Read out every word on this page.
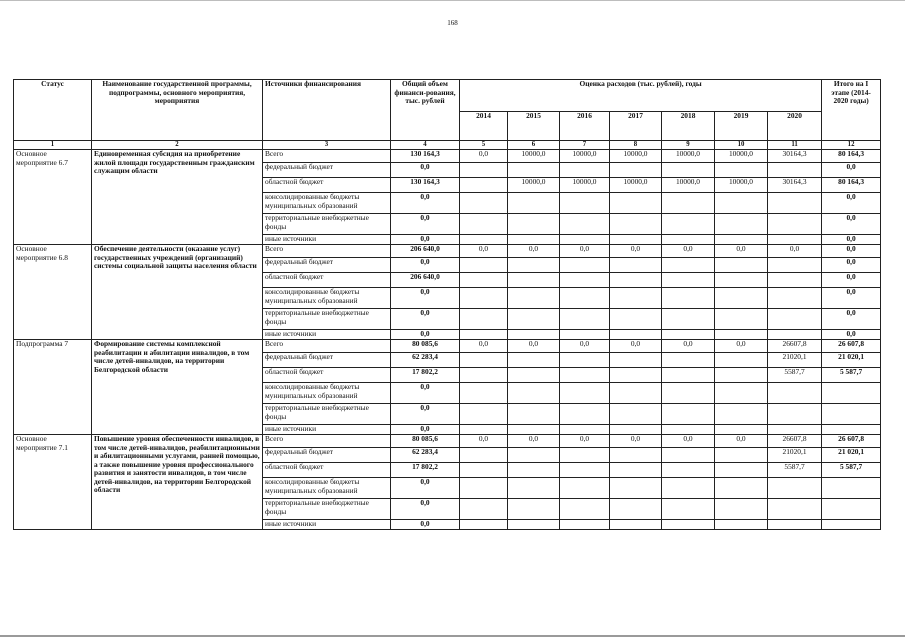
168
Статус	Наименование государственной программы, подпрограммы, основного мероприятия, мероприятия	Источники финансирования	Общий объем финанси-рования, тыс. рублей	Оценка расходов (тыс. рублей), годы							Итого на I этапе (2014-2020 годы)
				2014	2015	2016	2017	2018	2019	2020	
1	2	3	4	5	6	7	8	9	10	11	12
Основное мероприятие 6.7	Единовременная субсидия на приобретение жилой площади государственным гражданским служащим области	Всего	130 164,3	0,0	10000,0	10000,0	10000,0	10000,0	10000,0	30164,3	80 164,3
		федеральный бюджет	0,0								0,0
		областной бюджет	130 164,3		10000,0	10000,0	10000,0	10000,0	10000,0	30164,3	80 164,3
		консолидированные бюджеты муниципальных образований	0,0								0,0
		территориальные внебюджетные фонды	0,0								0,0
		иные источники	0,0								0,0
Основное мероприятие 6.8	Обеспечение деятельности (оказание услуг) государственных учреждений (организаций) системы социальной защиты населения области	Всего	206 640,0	0,0	0,0	0,0	0,0	0,0	0,0	0,0	0,0
		федеральный бюджет	0,0								0,0
		областной бюджет	206 640,0								0,0
		консолидированные бюджеты муниципальных образований	0,0								0,0
		территориальные внебюджетные фонды	0,0								0,0
		иные источники	0,0								0,0
Подпрограмма 7	Формирование системы комплексной реабилитации и абилитации инвалидов, в том числе детей-инвалидов, на территории Белгородской области	Всего	80 085,6	0,0	0,0	0,0	0,0	0,0	0,0	26607,8	26 607,8
		федеральный бюджет	62 283,4							21020,1	21 020,1
		областной бюджет	17 802,2							5587,7	5 587,7
		консолидированные бюджеты муниципальных образований	0,0								
		территориальные внебюджетные фонды	0,0								
		иные источники	0,0								
Основное мероприятие 7.1	Повышение уровня обеспеченности инвалидов, в том числе детей-инвалидов, реабилитационными и абилитационными услугами, ранней помощью, а также повышение уровня профессионального развития и занятости инвалидов, в том числе детей-инвалидов, на территории Белгородской области	Всего	80 085,6	0,0	0,0	0,0	0,0	0,0	0,0	26607,8	26 607,8
		федеральный бюджет	62 283,4							21020,1	21 020,1
		областной бюджет	17 802,2							5587,7	5 587,7
		консолидированные бюджеты муниципальных образований	0,0								
		территориальные внебюджетные фонды	0,0								
		иные источники	0,0								
